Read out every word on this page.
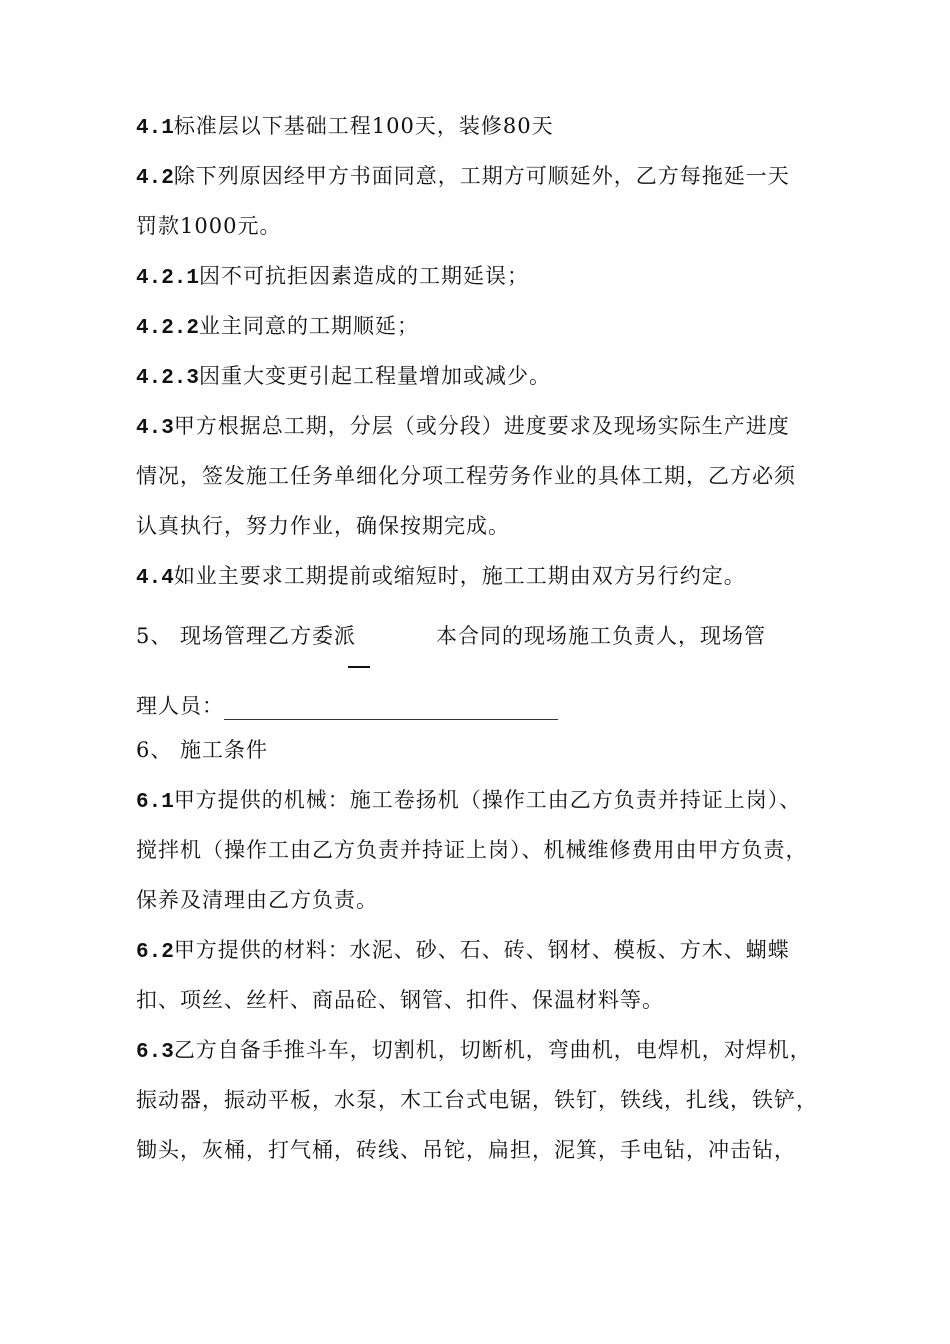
4.1标准层以下基础工程100天，装修80天
4.2除下列原因经甲方书面同意，工期方可顺延外，乙方每拖延一天
罚款1000元。
4.2.1因不可抗拒因素造成的工期延误；
4.2.2业主同意的工期顺延；
4.2.3因重大变更引起工程量增加或减少。
4.3甲方根据总工期，分层（或分段）进度要求及现场实际生产进度
情况，签发施工任务单细化分项工程劳务作业的具体工期，乙方必须
认真执行，努力作业，确保按期完成。
4.4如业主要求工期提前或缩短时，施工工期由双方另行约定。
5、 现场管理乙方委派	本合同的现场施工负责人，现场管
理人员：
6、 施工条件
6.1甲方提供的机械：施工卷扬机（操作工由乙方负责并持证上岗）、
搅拌机（操作工由乙方负责并持证上岗）、机械维修费用由甲方负责，
保养及清理由乙方负责。
6.2甲方提供的材料：水泥、砂、石、砖、钢材、模板、方木、蝴蝶
扣、项丝、丝杆、商品砼、钢管、扣件、保温材料等。
6.3乙方自备手推斗车，切割机，切断机，弯曲机，电焊机，对焊机，
振动器，振动平板，水泵，木工台式电锯，铁钉，铁线，扎线，铁铲，
锄头，灰桶，打气桶，砖线、吊铊，扁担，泥箕，手电钻，冲击钻，
